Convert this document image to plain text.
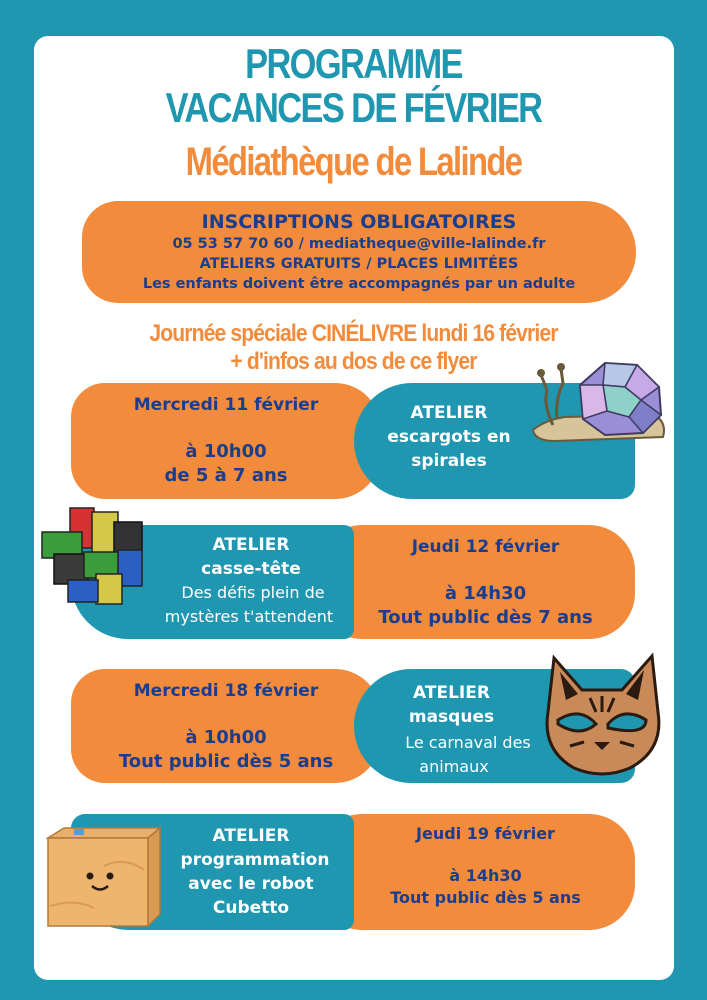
PROGRAMME
VACANCES DE FÉVRIER
Médiathèque de Lalinde
INSCRIPTIONS OBLIGATOIRES
05 53 57 70 60 / mediatheque@ville-lalinde.fr
ATELIERS GRATUITS / PLACES LIMITÉES
Les enfants doivent être accompagnés par un adulte
Journée spéciale CINÉLIVRE lundi 16 février
+ d'infos au dos de ce flyer
Mercredi 11 février
à 10h00
de 5 à 7 ans
ATELIER
escargots en
spirales
Jeudi 12 février
à 14h30
Tout public dès 7 ans
ATELIER
casse-tête
Des défis plein de
mystères t'attendent
Mercredi 18 février
à 10h00
Tout public dès 5 ans
ATELIER
masques
Le carnaval des
animaux
Jeudi 19 février
à 14h30
Tout public dès 5 ans
ATELIER
programmation
avec le robot
Cubetto
